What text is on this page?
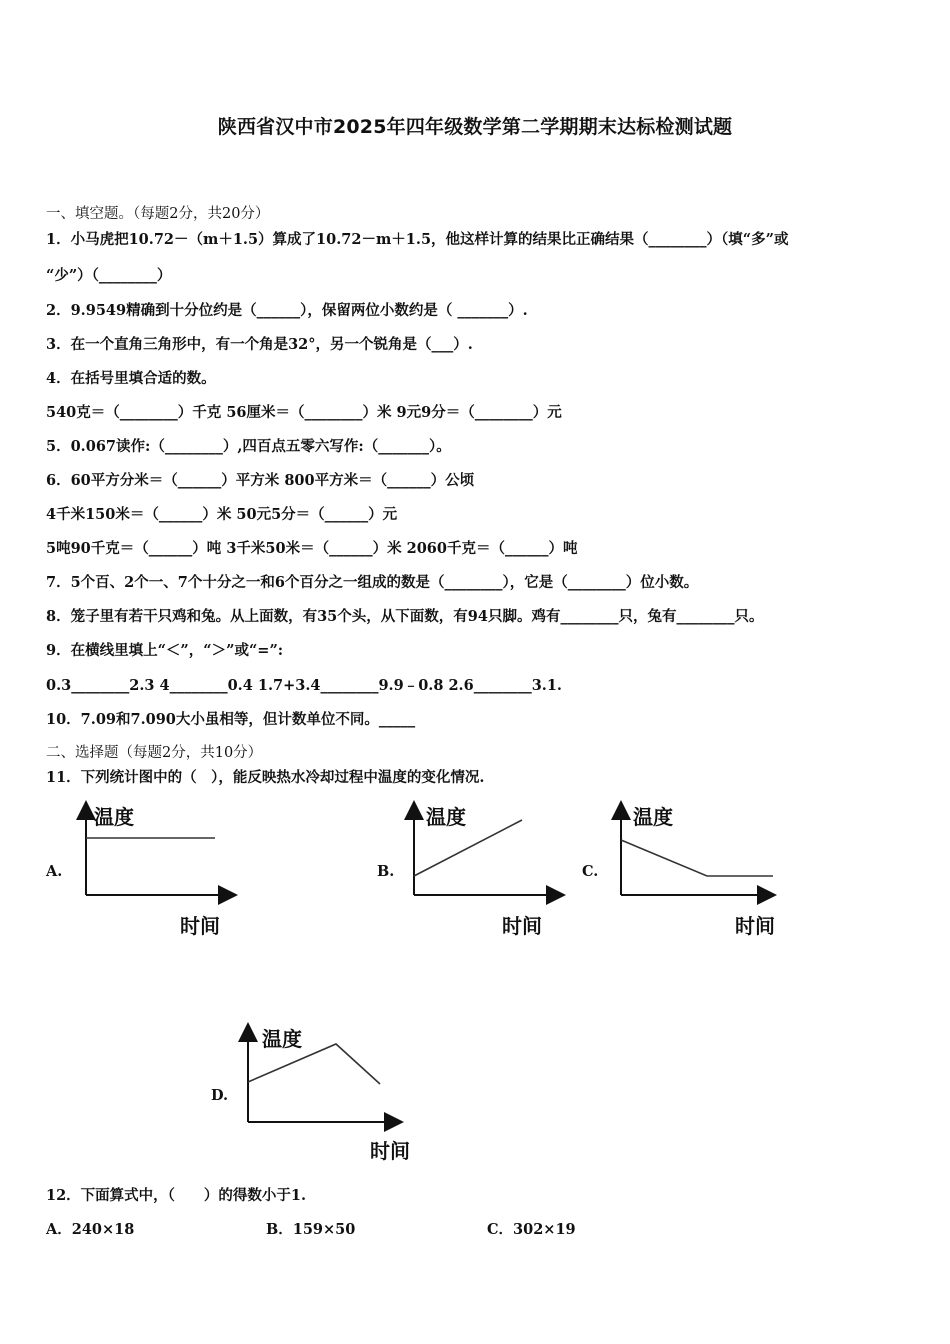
陕西省汉中市2025年四年级数学第二学期期末达标检测试题
一、填空题。（每题2分，共20分）
1．小马虎把10.72－（m＋1.5）算成了10.72－m＋1.5，他这样计算的结果比正确结果（________）（填“多”或
“少”）（________）
2．9.9549精确到十分位约是（______），保留两位小数约是（ _______）.
3．在一个直角三角形中，有一个角是32°，另一个锐角是（___）.
4．在括号里填合适的数。
540克＝（________）千克 56厘米＝（________）米 9元9分＝（________）元
5．0.067读作:（________）,四百点五零六写作:（_______）。
6．60平方分米＝（______）平方米 800平方米＝（______）公顷
4千米150米＝（______）米 50元5分＝（______）元
5吨90千克＝（______）吨 3千米50米＝（______）米 2060千克＝（______）吨
7．5个百、2个一、7个十分之一和6个百分之一组成的数是（________），它是（________）位小数。
8．笼子里有若干只鸡和兔。从上面数，有35个头，从下面数，有94只脚。鸡有________只，兔有________只。
9．在横线里填上“＜”，“＞”或“=”:
0.3________2.3 4________0.4 1.7+3.4________9.9﹣0.8 2.6________3.1.
10．7.09和7.090大小虽相等，但计数单位不同。_____
二、选择题（每题2分，共10分）
11．下列统计图中的（　），能反映热水冷却过程中温度的变化情况.
A.
温度
时间
B.
温度
时间
C.
温度
时间
D.
温度
时间
12．下面算式中，（　　）的得数小于1.
A．240×18	B．159×50	C．302×19
